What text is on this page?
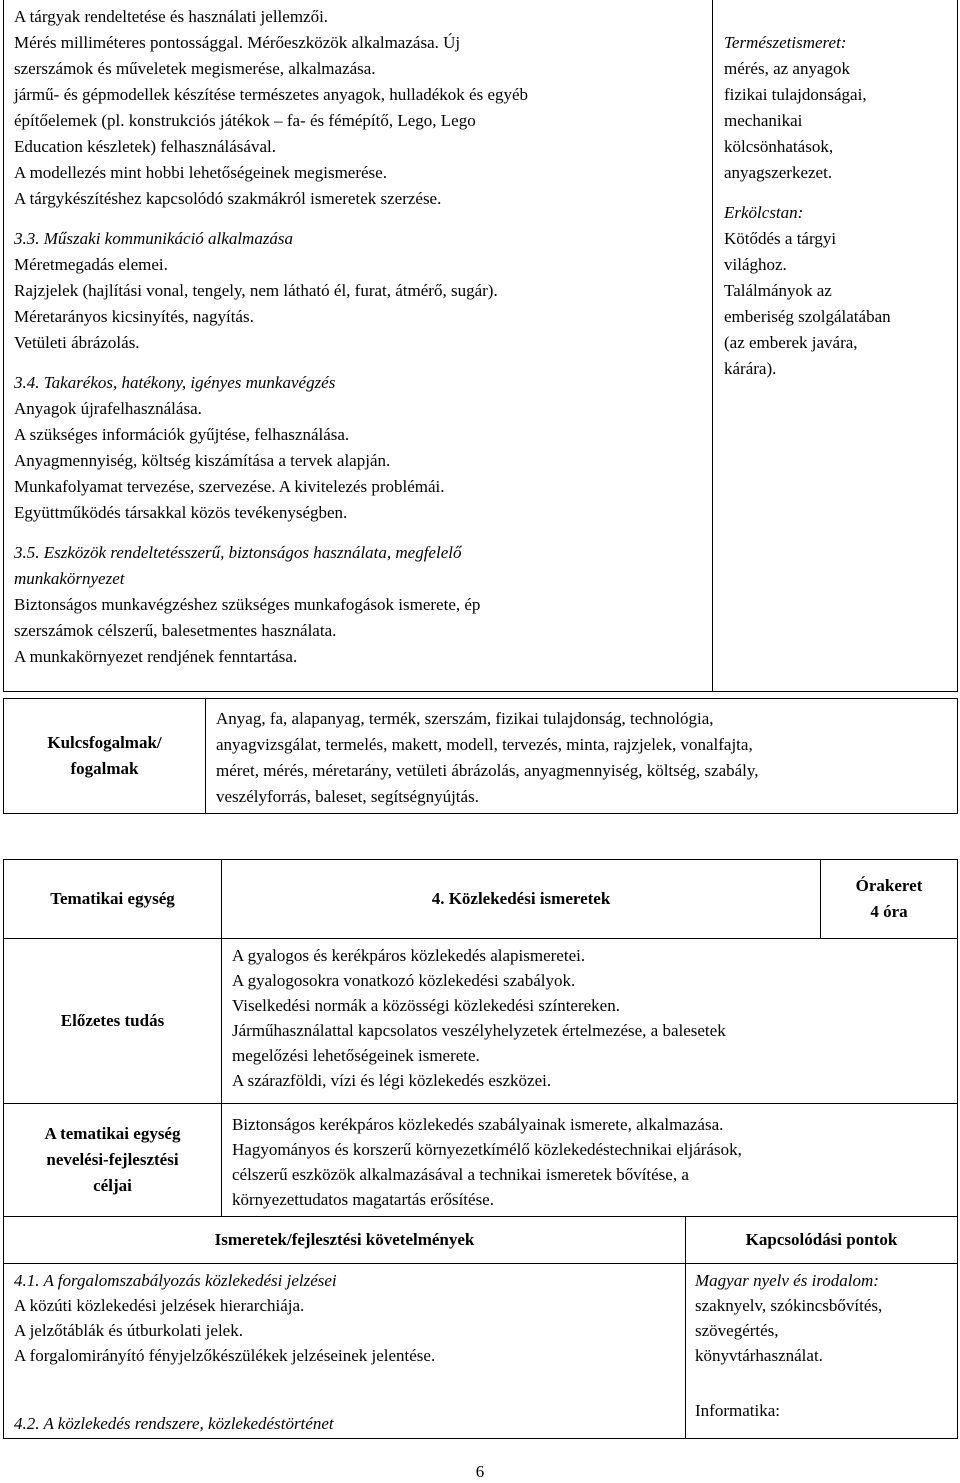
A tárgyak rendeltetése és használati jellemzői.
Mérés milliméteres pontossággal. Mérőeszközök alkalmazása. Új
szerszámok és műveletek megismerése, alkalmazása.
jármű- és gépmodellek készítése természetes anyagok, hulladékok és egyéb
építőelemek (pl. konstrukciós játékok – fa- és fémépítő, Lego, Lego
Education készletek) felhasználásával.
A modellezés mint hobbi lehetőségeinek megismerése.
A tárgykészítéshez kapcsolódó szakmákról ismeretek szerzése.
3.3. Műszaki kommunikáció alkalmazása
Méretmegadás elemei.
Rajzjelek (hajlítási vonal, tengely, nem látható él, furat, átmérő, sugár).
Méretarányos kicsinyítés, nagyítás.
Vetületi ábrázolás.
3.4. Takarékos, hatékony, igényes munkavégzés
Anyagok újrafelhasználása.
A szükséges információk gyűjtése, felhasználása.
Anyagmennyiség, költség kiszámítása a tervek alapján.
Munkafolyamat tervezése, szervezése. A kivitelezés problémái.
Együttműködés társakkal közös tevékenységben.
3.5. Eszközök rendeltetésszerű, biztonságos használata, megfelelő
munkakörnyezet
Biztonságos munkavégzéshez szükséges munkafogások ismerete, ép
szerszámok célszerű, balesetmentes használata.
A munkakörnyezet rendjének fenntartása.
Természetismeret:
mérés, az anyagok
fizikai tulajdonságai,
mechanikai
kölcsönhatások,
anyagszerkezet.
Erkölcstan:
Kötődés a tárgyi
világhoz.
Találmányok az
emberiség szolgálatában
(az emberek javára,
kárára).
Kulcsfogalmak/
fogalmak
Anyag, fa, alapanyag, termék, szerszám, fizikai tulajdonság, technológia,
anyagvizsgálat, termelés, makett, modell, tervezés, minta, rajzjelek, vonalfajta,
méret, mérés, méretarány, vetületi ábrázolás, anyagmennyiség, költség, szabály,
veszélyforrás, baleset, segítségnyújtás.
Tematikai egység	4. Közlekedési ismeretek
Órakeret
4 óra
Előzetes tudás
A gyalogos és kerékpáros közlekedés alapismeretei.
A gyalogosokra vonatkozó közlekedési szabályok.
Viselkedési normák a közösségi közlekedési színtereken.
Járműhasználattal kapcsolatos veszélyhelyzetek értelmezése, a balesetek
megelőzési lehetőségeinek ismerete.
A szárazföldi, vízi és légi közlekedés eszközei.
A tematikai egység
nevelési-fejlesztési
céljai
Biztonságos kerékpáros közlekedés szabályainak ismerete, alkalmazása.
Hagyományos és korszerű környezetkímélő közlekedéstechnikai eljárások,
célszerű eszközök alkalmazásával a technikai ismeretek bővítése, a
környezettudatos magatartás erősítése.
Ismeretek/fejlesztési követelmények	Kapcsolódási pontok
4.1. A forgalomszabályozás közlekedési jelzései
A közúti közlekedési jelzések hierarchiája.
A jelzőtáblák és útburkolati jelek.
A forgalomirányító fényjelzőkészülékek jelzéseinek jelentése.
4.2. A közlekedés rendszere, közlekedéstörténet
Magyar nyelv és irodalom:
szaknyelv, szókincsbővítés,
szövegértés,
könyvtárhasználat.
Informatika:
6
